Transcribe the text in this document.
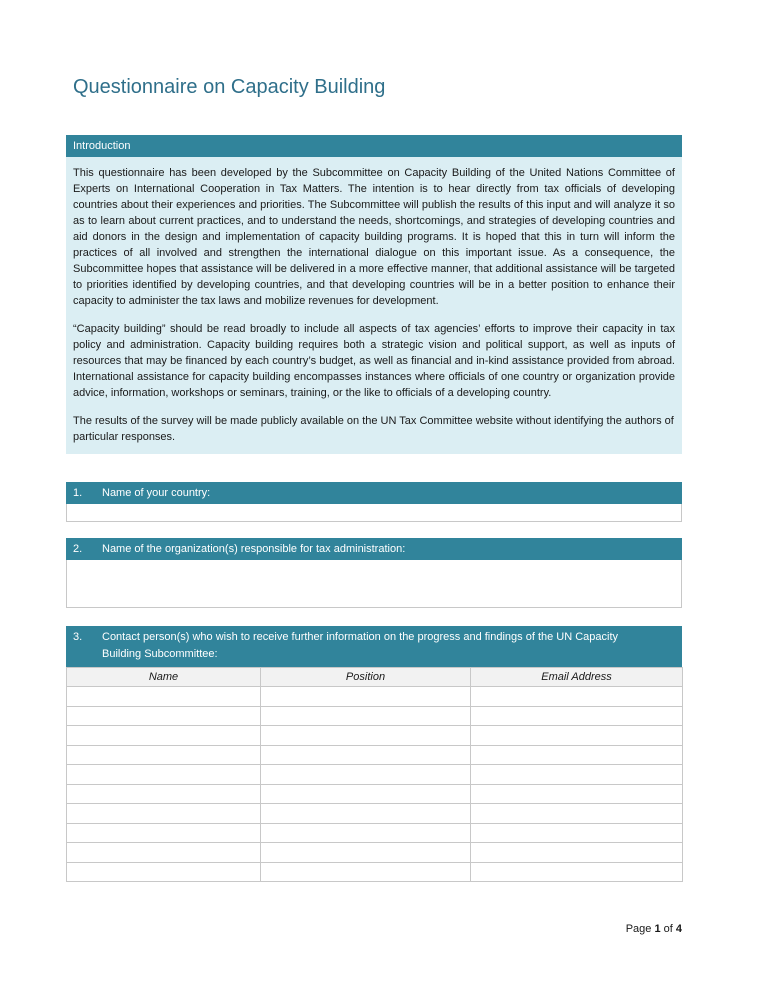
Questionnaire on Capacity Building
Introduction

This questionnaire has been developed by the Subcommittee on Capacity Building of the United Nations Committee of Experts on International Cooperation in Tax Matters. The intention is to hear directly from tax officials of developing countries about their experiences and priorities. The Subcommittee will publish the results of this input and will analyze it so as to learn about current practices, and to understand the needs, shortcomings, and strategies of developing countries and aid donors in the design and implementation of capacity building programs. It is hoped that this in turn will inform the practices of all involved and strengthen the international dialogue on this important issue. As a consequence, the Subcommittee hopes that assistance will be delivered in a more effective manner, that additional assistance will be targeted to priorities identified by developing countries, and that developing countries will be in a better position to enhance their capacity to administer the tax laws and mobilize revenues for development.

“Capacity building” should be read broadly to include all aspects of tax agencies’ efforts to improve their capacity in tax policy and administration. Capacity building requires both a strategic vision and political support, as well as inputs of resources that may be financed by each country’s budget, as well as financial and in-kind assistance provided from abroad. International assistance for capacity building encompasses instances where officials of one country or organization provide advice, information, workshops or seminars, training, or the like to officials of a developing country.

The results of the survey will be made publicly available on the UN Tax Committee website without identifying the authors of particular responses.

1.	Name of your country:
2.	Name of the organization(s) responsible for tax administration:
3.	Contact person(s) who wish to receive further information on the progress and findings of the UN Capacity Building Subcommittee:
Name	Position	Email Address

Page 1 of 4
